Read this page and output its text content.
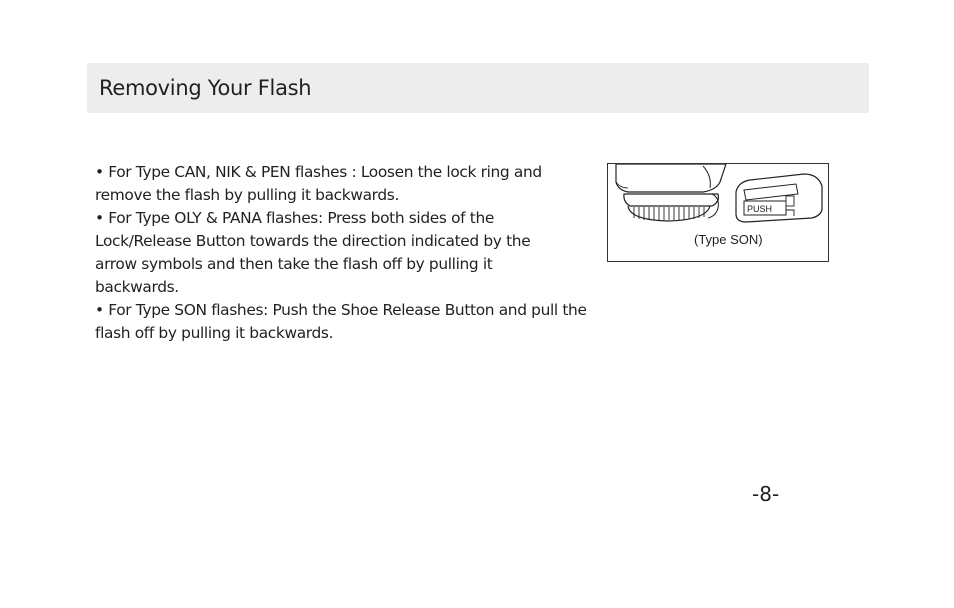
Removing Your Flash
• For Type CAN, NIK & PEN flashes : Loosen the lock ring and
remove the flash by pulling it backwards.
• For Type OLY & PANA flashes: Press both sides of the
Lock/Release Button towards the direction indicated by the
arrow symbols and then take the flash off by pulling it
backwards.
• For Type SON flashes: Push the Shoe Release Button and pull the
flash off by pulling it backwards.
PUSH
(Type SON)
-8-
